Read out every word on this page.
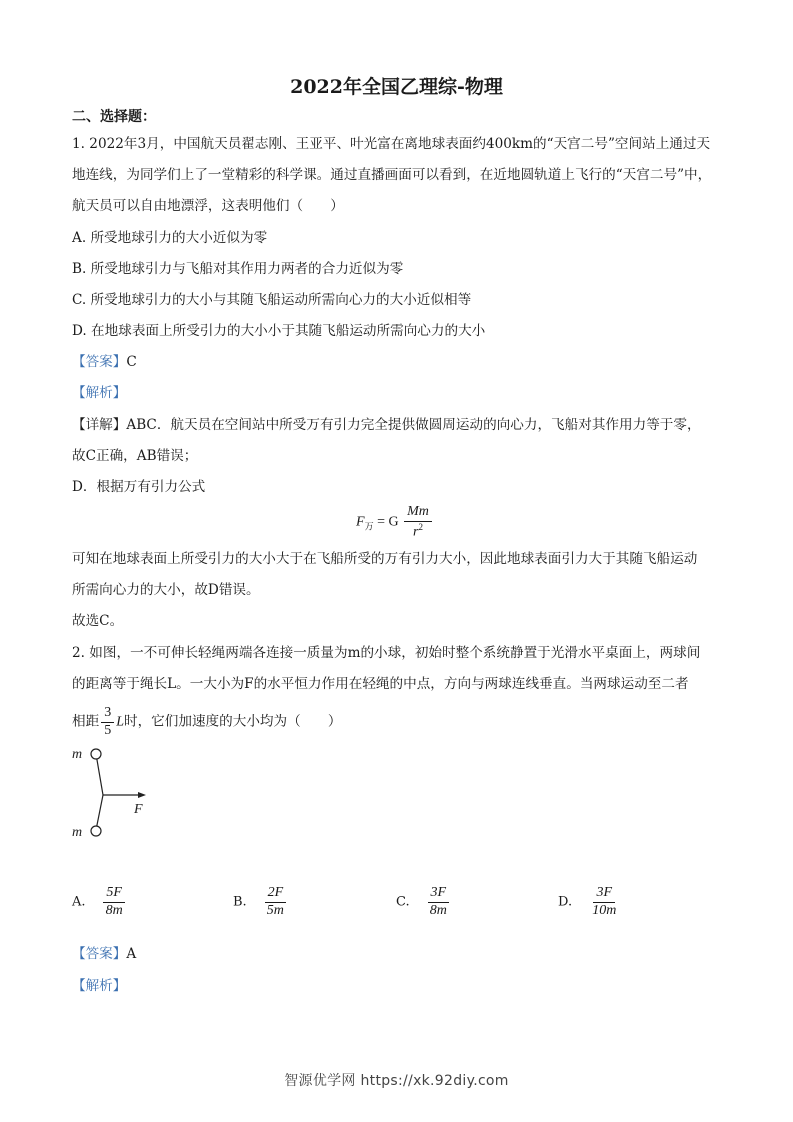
2022年全国乙理综-物理
二、选择题：
1. 2022年3月，中国航天员翟志刚、王亚平、叶光富在离地球表面约400km的“天宫二号”空间站上通过天
地连线，为同学们上了一堂精彩的科学课。通过直播画面可以看到，在近地圆轨道上飞行的“天宫二号”中，
航天员可以自由地漂浮，这表明他们（　　）
A. 所受地球引力的大小近似为零
B. 所受地球引力与飞船对其作用力两者的合力近似为零
C. 所受地球引力的大小与其随飞船运动所需向心力的大小近似相等
D. 在地球表面上所受引力的大小小于其随飞船运动所需向心力的大小
【答案】C
【解析】
【详解】ABC．航天员在空间站中所受万有引力完全提供做圆周运动的向心力，飞船对其作用力等于零，
故C正确，AB错误；
D．根据万有引力公式
$F_万 = G \frac{Mm}{r^2}$
可知在地球表面上所受引力的大小大于在飞船所受的万有引力大小，因此地球表面引力大于其随飞船运动
所需向心力的大小，故D错误。
故选C。
2. 如图，一不可伸长轻绳两端各连接一质量为m的小球，初始时整个系统静置于光滑水平桌面上，两球间
的距离等于绳长L。一大小为F的水平恒力作用在轻绳的中点，方向与两球连线垂直。当两球运动至二者
相距 $\frac{3}{5}$ L时，它们加速度的大小均为（　　）
m
m
F
A. $\frac{5F}{8m}$	B. $\frac{2F}{5m}$	C. $\frac{3F}{8m}$	D. $\frac{3F}{10m}$
【答案】A
【解析】
智源优学网 https://xk.92diy.com
